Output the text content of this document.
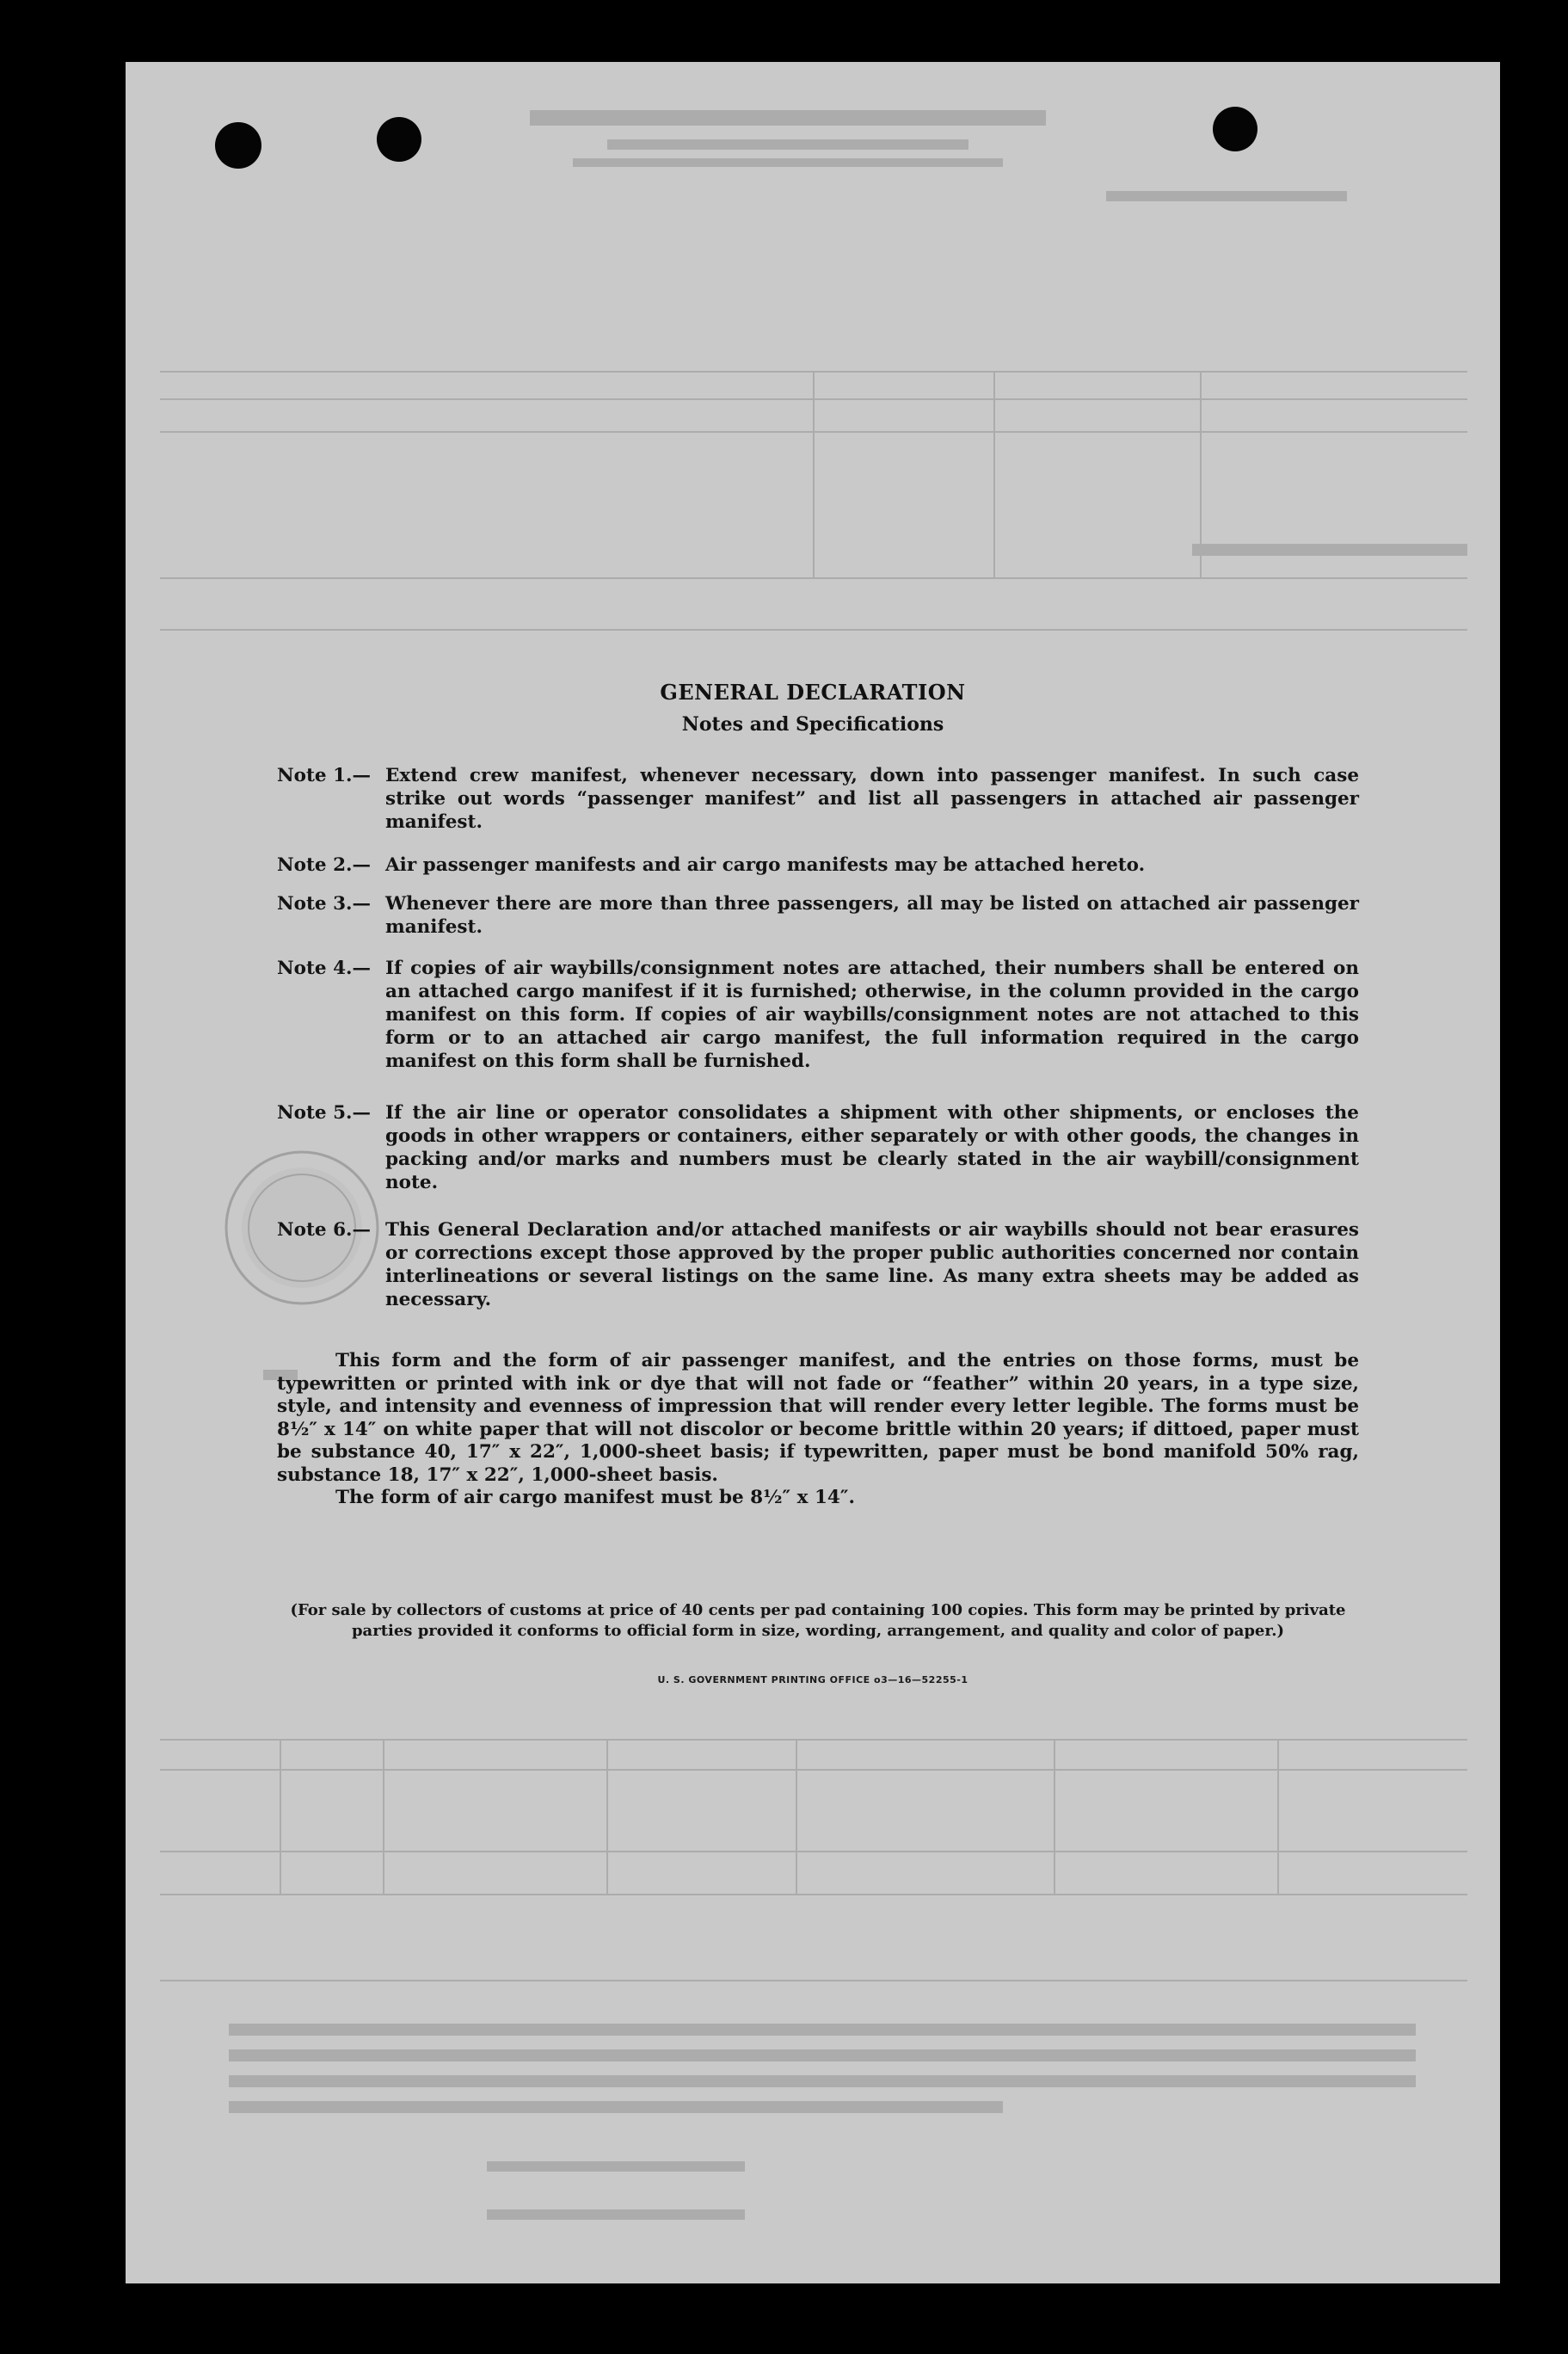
GENERAL DECLARATION
Notes and Specifications
Note 1.— Extend crew manifest, whenever necessary, down into passenger manifest. In such case strike out words “passenger manifest” and list all passengers in attached air passenger manifest.
Note 2.— Air passenger manifests and air cargo manifests may be attached hereto.
Note 3.— Whenever there are more than three passengers, all may be listed on attached air passenger manifest.
Note 4.— If copies of air waybills/consignment notes are attached, their numbers shall be entered on an attached cargo manifest if it is furnished; otherwise, in the column provided in the cargo manifest on this form. If copies of air waybills/consignment notes are not attached to this form or to an attached air cargo manifest, the full information required in the cargo manifest on this form shall be furnished.
Note 5.— If the air line or operator consolidates a shipment with other shipments, or encloses the goods in other wrappers or containers, either separately or with other goods, the changes in packing and/or marks and numbers must be clearly stated in the air waybill/consignment note.
Note 6.— This General Declaration and/or attached manifests or air waybills should not bear erasures or corrections except those approved by the proper public authorities concerned nor contain interlineations or several listings on the same line. As many extra sheets may be added as necessary.

This form and the form of air passenger manifest, and the entries on those forms, must be typewritten or printed with ink or dye that will not fade or “feather” within 20 years, in a type size, style, and intensity and evenness of impression that will render every letter legible. The forms must be 8½″ x 14″ on white paper that will not discolor or become brittle within 20 years; if dittoed, paper must be substance 40, 17″ x 22″, 1,000-sheet basis; if typewritten, paper must be bond manifold 50% rag, substance 18, 17″ x 22″, 1,000-sheet basis.

The form of air cargo manifest must be 8½″ x 14″.

(For sale by collectors of customs at price of 40 cents per pad containing 100 copies. This form may be printed by private parties provided it conforms to official form in size, wording, arrangement, and quality and color of paper.)
U. S. GOVERNMENT PRINTING OFFICE o3—16—52255-1
